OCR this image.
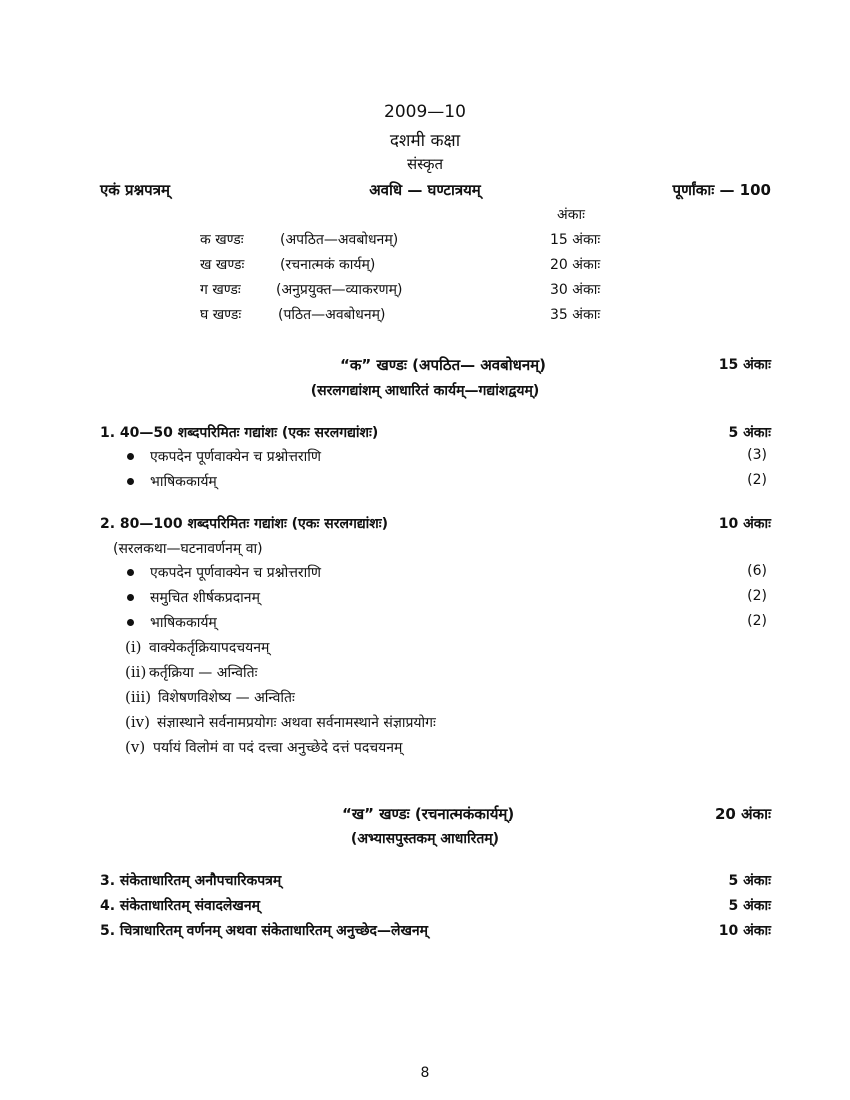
2009—10
दशमी कक्षा
संस्कृत
एकं प्रश्नपत्रम्	अवधि — घण्टात्रयम्	पूर्णांकाः — 100
अंकाः
क खण्डः	(अपठित—अवबोधनम्)	15 अंकाः
ख खण्डः	(रचनात्मकं कार्यम्)	20 अंकाः
ग खण्डः	(अनुप्रयुक्त—व्याकरणम्)	30 अंकाः
घ खण्डः	(पठित—अवबोधनम्)	35 अंकाः
“क” खण्डः (अपठित— अवबोधनम्)	15 अंकाः
(सरलगद्यांशम् आधारितं कार्यम्—गद्यांशद्वयम्)
1. 40—50 शब्दपरिमितः गद्यांशः (एकः सरलगद्यांशः)	5 अंकाः
एकपदेन पूर्णवाक्येन च प्रश्नोत्तराणि	(3)
भाषिककार्यम्	(2)
2. 80—100 शब्दपरिमितः गद्यांशः (एकः सरलगद्यांशः)	10 अंकाः
(सरलकथा—घटनावर्णनम् वा)
एकपदेन पूर्णवाक्येन च प्रश्नोत्तराणि	(6)
समुचित शीर्षकप्रदानम्	(2)
भाषिककार्यम्	(2)
(i) वाक्येकर्तृक्रियापदचयनम्
(ii) कर्तृक्रिया — अन्वितिः
(iii) विशेषणविशेष्य — अन्वितिः
(iv) संज्ञास्थाने सर्वनामप्रयोगः अथवा सर्वनामस्थाने संज्ञाप्रयोगः
(v) पर्यायं विलोमं वा पदं दत्त्वा अनुच्छेदे दत्तं पदचयनम्
“ख” खण्डः (रचनात्मकंकार्यम्)	20 अंकाः
(अभ्यासपुस्तकम् आधारितम्)
3. संकेताधारितम् अनौपचारिकपत्रम्	5 अंकाः
4. संकेताधारितम् संवादलेखनम्	5 अंकाः
5. चित्राधारितम् वर्णनम् अथवा संकेताधारितम् अनुच्छेद—लेखनम्	10 अंकाः
8
